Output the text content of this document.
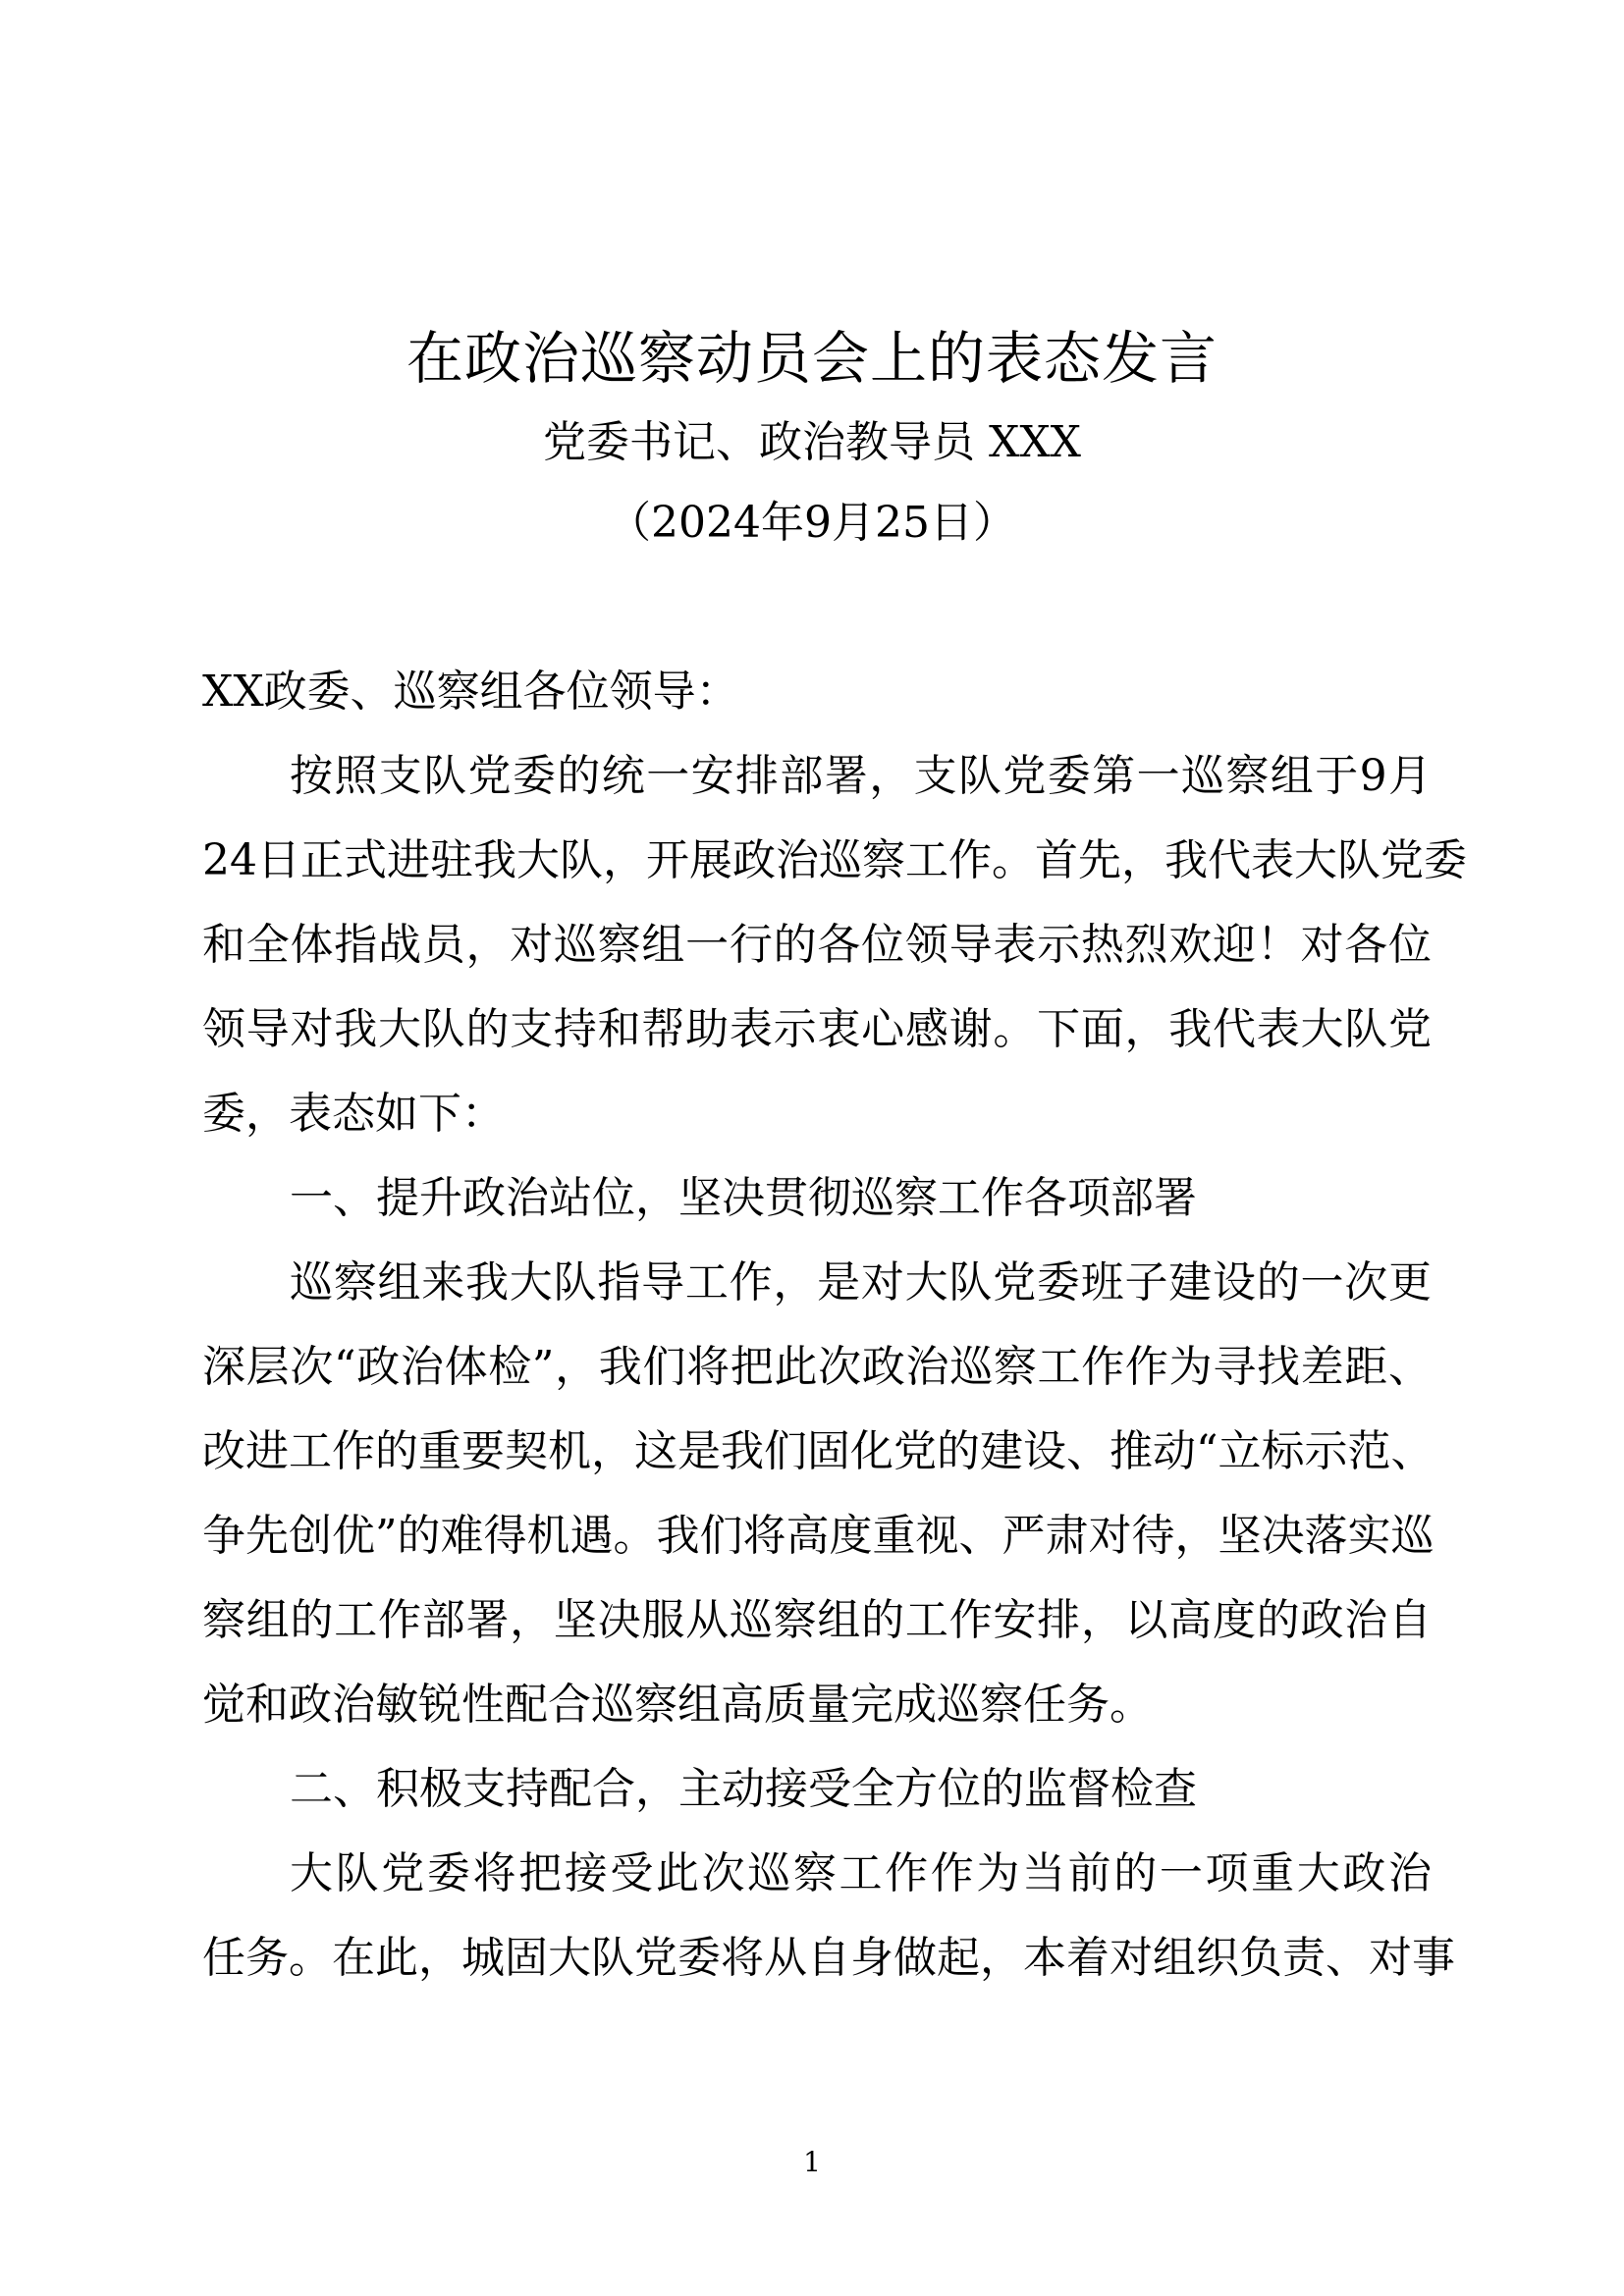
在政治巡察动员会上的表态发言
党委书记、政治教导员 XXX
（2024年9月25日）
XX政委、巡察组各位领导：
按照支队党委的统一安排部署，支队党委第一巡察组于9月
24日正式进驻我大队，开展政治巡察工作。首先，我代表大队党委
和全体指战员，对巡察组一行的各位领导表示热烈欢迎！对各位
领导对我大队的支持和帮助表示衷心感谢。下面，我代表大队党
委，表态如下：
一、提升政治站位，坚决贯彻巡察工作各项部署
巡察组来我大队指导工作，是对大队党委班子建设的一次更
深层次“政治体检”，我们将把此次政治巡察工作作为寻找差距、
改进工作的重要契机，这是我们固化党的建设、推动“立标示范、
争先创优”的难得机遇。我们将高度重视、严肃对待，坚决落实巡
察组的工作部署，坚决服从巡察组的工作安排，以高度的政治自
觉和政治敏锐性配合巡察组高质量完成巡察任务。
二、积极支持配合，主动接受全方位的监督检查
大队党委将把接受此次巡察工作作为当前的一项重大政治
任务。在此，城固大队党委将从自身做起，本着对组织负责、对事
1
